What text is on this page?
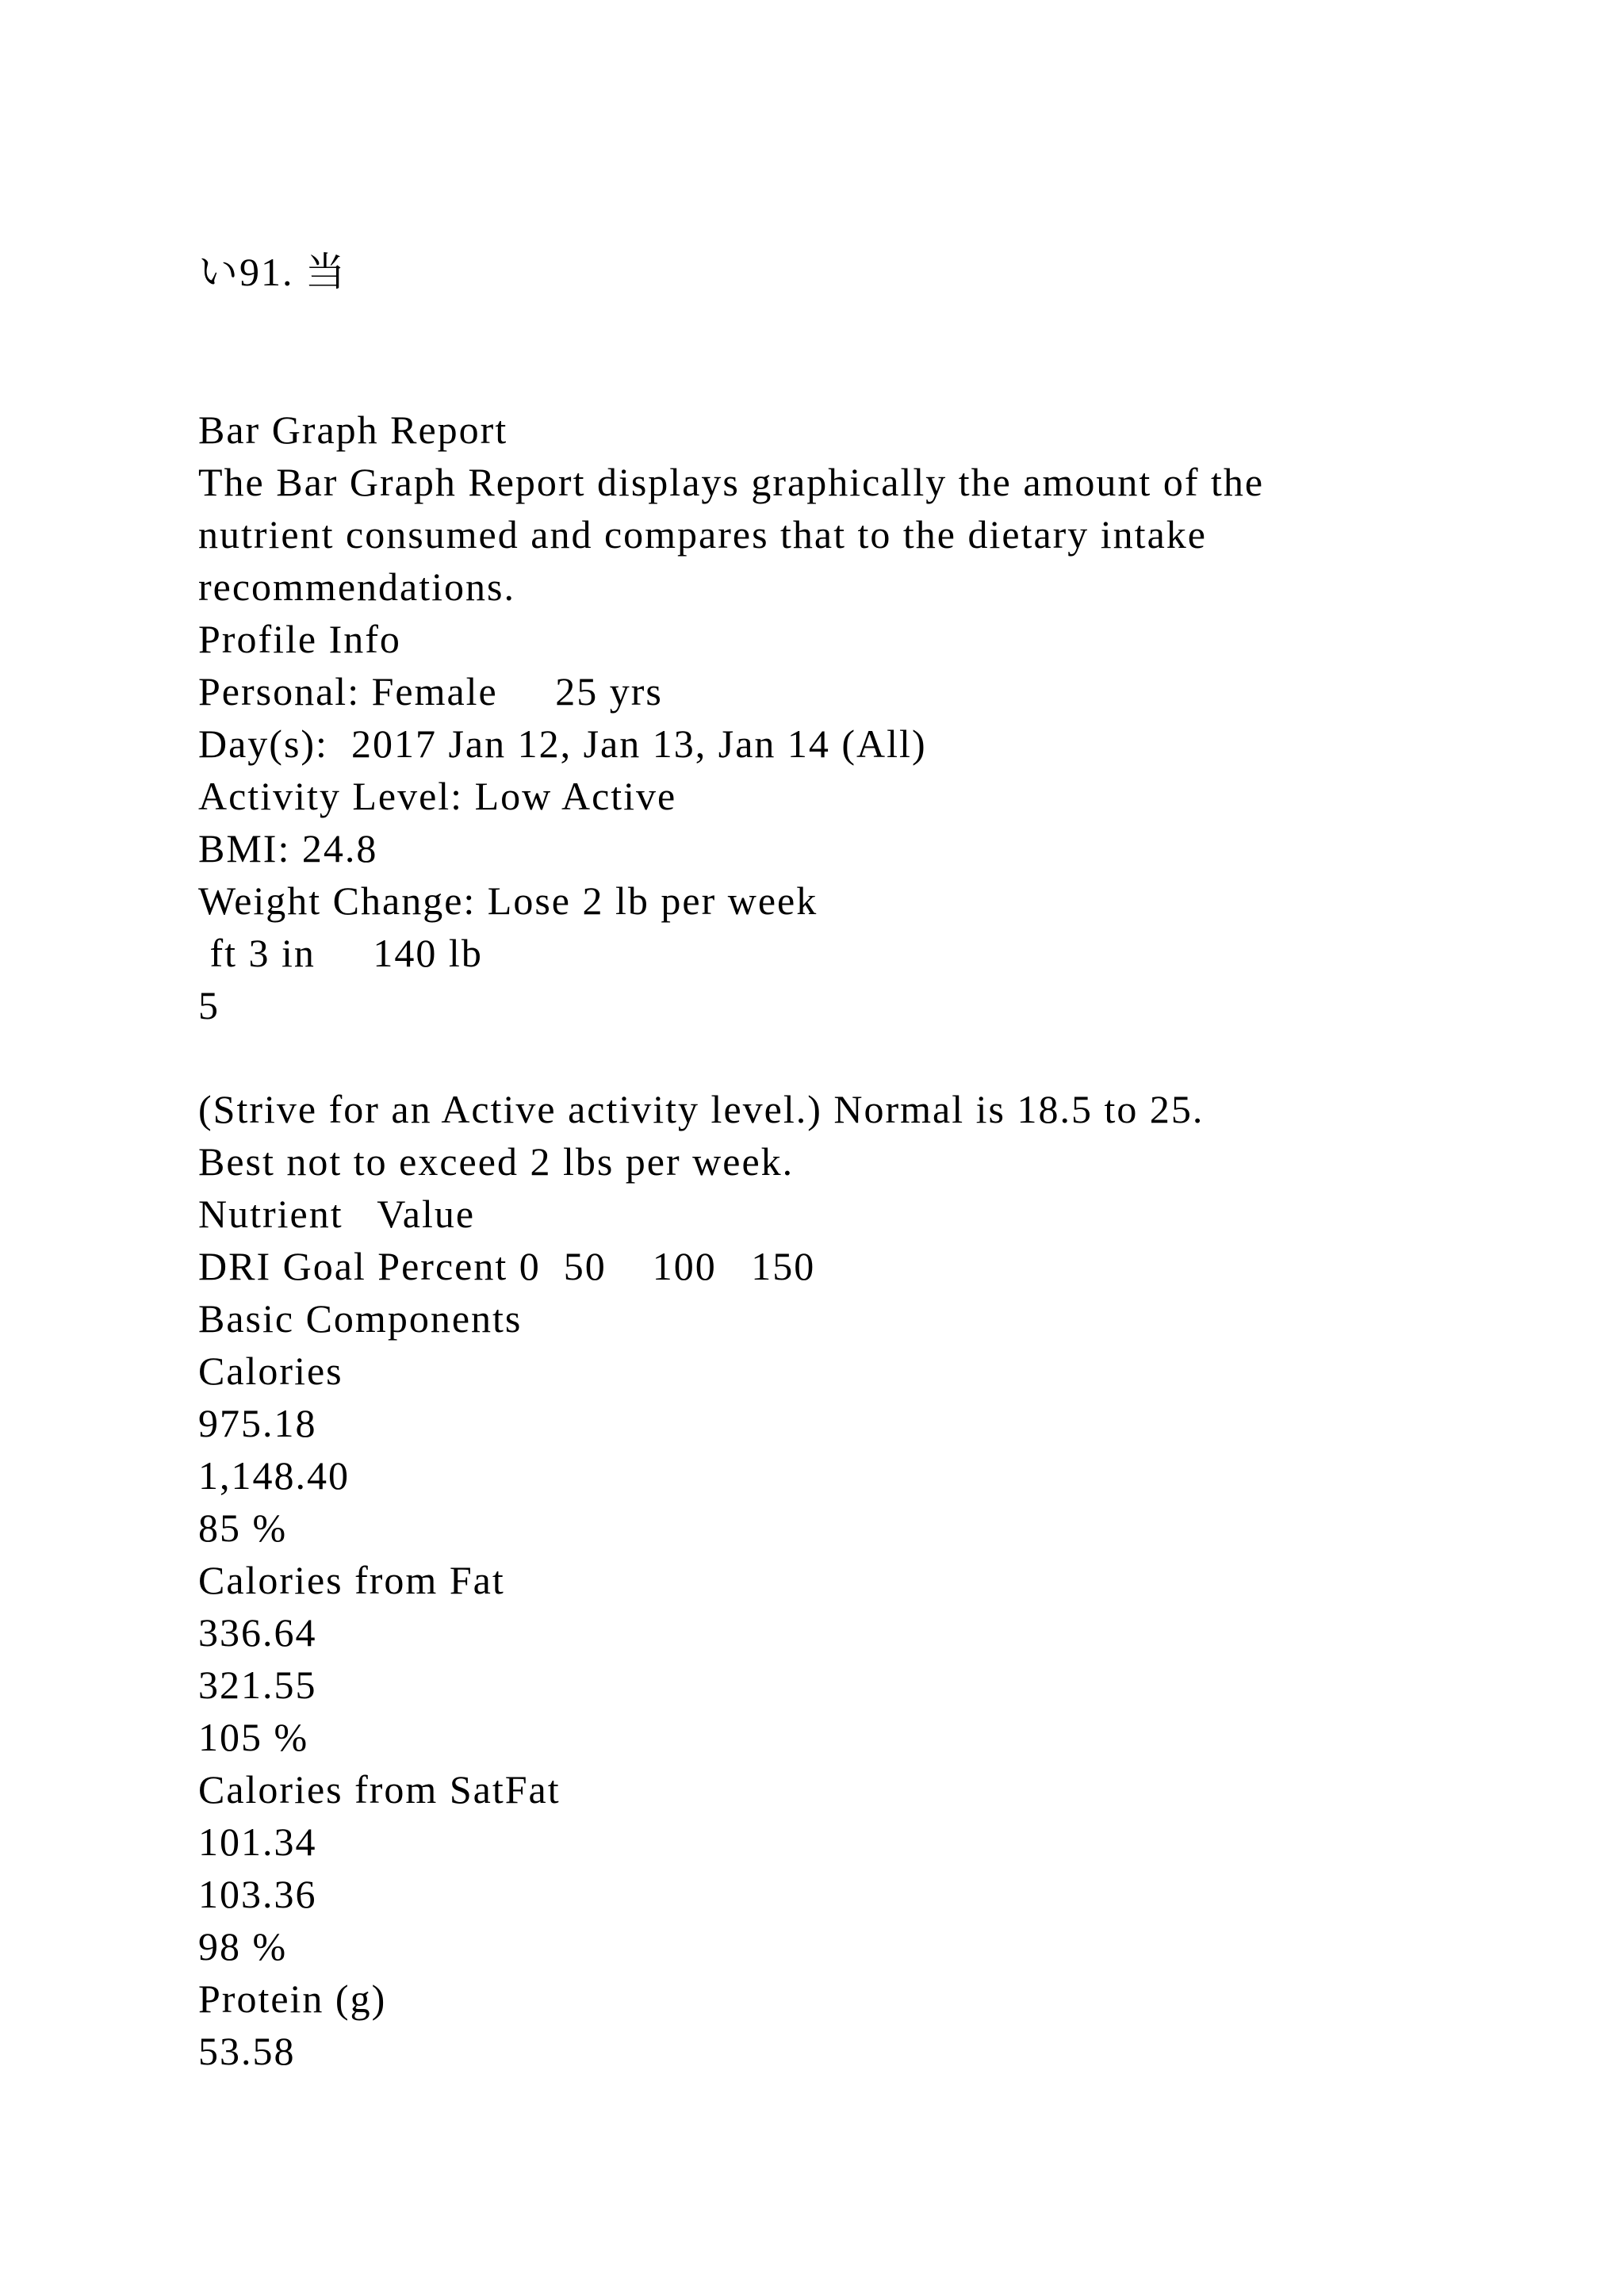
い91. 当
Bar Graph Report
The Bar Graph Report displays graphically the amount of the
nutrient consumed and compares that to the dietary intake
recommendations.
Profile Info
Personal: Female     25 yrs
Day(s):  2017 Jan 12, Jan 13, Jan 14 (All)
Activity Level: Low Active
BMI: 24.8
Weight Change: Lose 2 lb per week
ft 3 in     140 lb
5
(Strive for an Active activity level.) Normal is 18.5 to 25.
Best not to exceed 2 lbs per week.
Nutrient   Value
DRI Goal Percent 0  50    100   150
Basic Components
Calories
975.18
1,148.40
85 %
Calories from Fat
336.64
321.55
105 %
Calories from SatFat
101.34
103.36
98 %
Protein (g)
53.58
